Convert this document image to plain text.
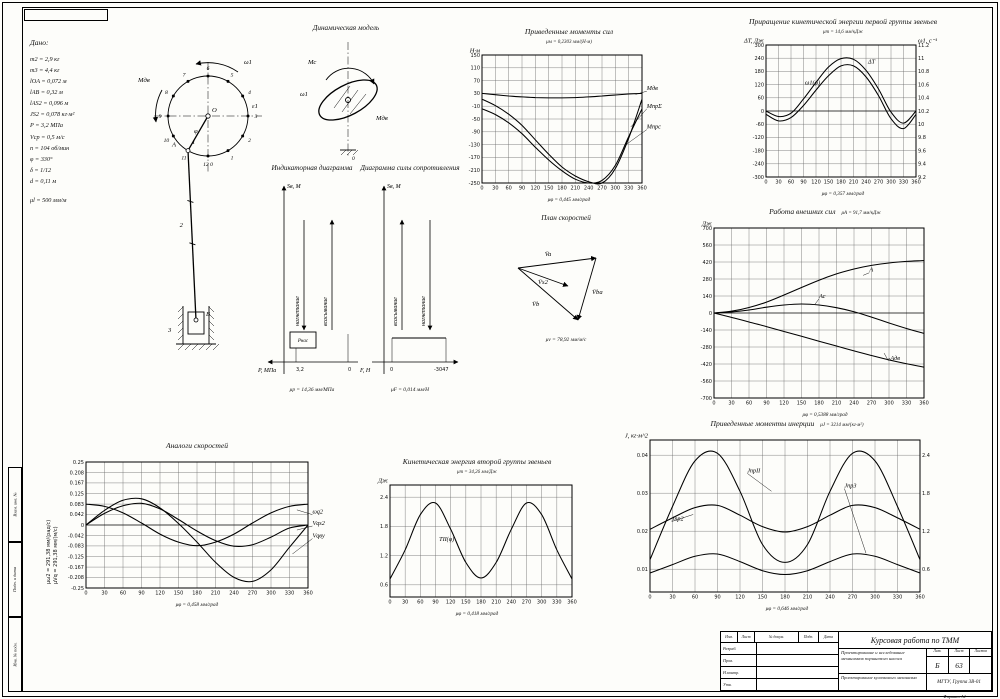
Дано:
m2 = 2,9 кг
m3 = 4,4 кг
lOA = 0,072 м
lAB = 0,32 м
lAS2 = 0,096 м
JS2 = 0,078 кг·м²
P = 3,2 МПа
Vср = 0,5 м/с
n = 104 об/мин
φ = 330°
δ = 1/12
d = 0,11 м
μl = 500 мм/м
12 0
1
2
3
4
5
6
7
8
9
10
11
ω1
Мдв
ε1
φ
O
A
B
1
2
3
Динамическая модель
ω1
Мс
Мдв
0
Индикаторная диаграмма
Sв, М
нагнетание	всасывание
Pнас
P, МПа	3,2	0
μр = 14,36 мм/МПа
Диаграмма силы сопротивления
Sв, М
всасывание	нагнетание
F, Н	0	-3047
μF = 0,014 мм/Н
Приведенные моменты сил
μм = 0,2303 мм/(Н·м)
0 30 60 90 120 150 180 210 240 270 300 330 360
150
110
70
30
-10
-50
-90
-130
-170
-210
-250
Н·м
Мдв
МпрΣ
Мпрс
μφ = 0,445 мм/град
План скоростей
V̄a
V̄ba
V̄b
V̄s2
μv = 78,92 мм/м/с
Приращение кинетической энергии первой группы звеньев
μт = 14,6 мм/кДж
0 30 60 90 120 150 180 210 240 270 300 330 360
300	11.2
240	11
180	10.8
120	10.6
60	10.4
0	10.2
-60	10
-120	9.8
-180	9.6
-240	9.4
-300	9.2
ΔT, Дж	ω1, c⁻¹
ΔT
ω1(φ)
μφ = 0,357 мм/град
Работа внешних сил μА = 91,7 мм/кДж
0	30 60 90 120 150 180 210 240 270 300 330 360
700
560
420
280
140
0
-140
-280
-420
-560
-700
Дж
А
Ас
-Адв
μφ = 0,5388 мм/град
Аналоги скоростей
0	30 60 90 120 150 180 210 240 270 300 330 360
0.25
0.208
0.167
0.125
0.083
0.042
0
-0.042
-0.083
-0.125
-0.167
-0.208
-0.25
μω2 = 291,38 мм/(рад/с) μVq = 291,38 мм/(м/с)
ωq2
Vqs2
Vqвy
μφ = 0,458 мм/град
Кинетическая энергия второй группы звеньев
μт = 34,26 мм/Дж
0 30 60 90 120 150 180 210 240 270 300 330 360
2.4
1.8
1.2
0.6
Дж
ТII(φ)
μφ = 0,418 мм/град
Приведенные моменты инерции μJ = 3214 мм/(кг·м²)
0	30	60	90	120	150	180	210	240	270	300	330	360
0.04	2.4
0.03	1.8
0.02	1.2
0.01	0.6
J, кг·м^2
JпрII
Jпр3
Jпр2
μφ = 0,646 мм/град
Изм.	Лист	№ докум.	Подп.	Дата
Разраб.
Пров.
Н.контр.
Утв.
Курсовая работа по ТММ
Проектирование и исследование механизмов поршневого насоса
Лит.	Лист	Листов
Б	63
Проектирование кулачкового механизма
МГТУ, Группа 3В-01
Взам. инв. №
Подп. и дата
Инв. № подл.
Формат А1
